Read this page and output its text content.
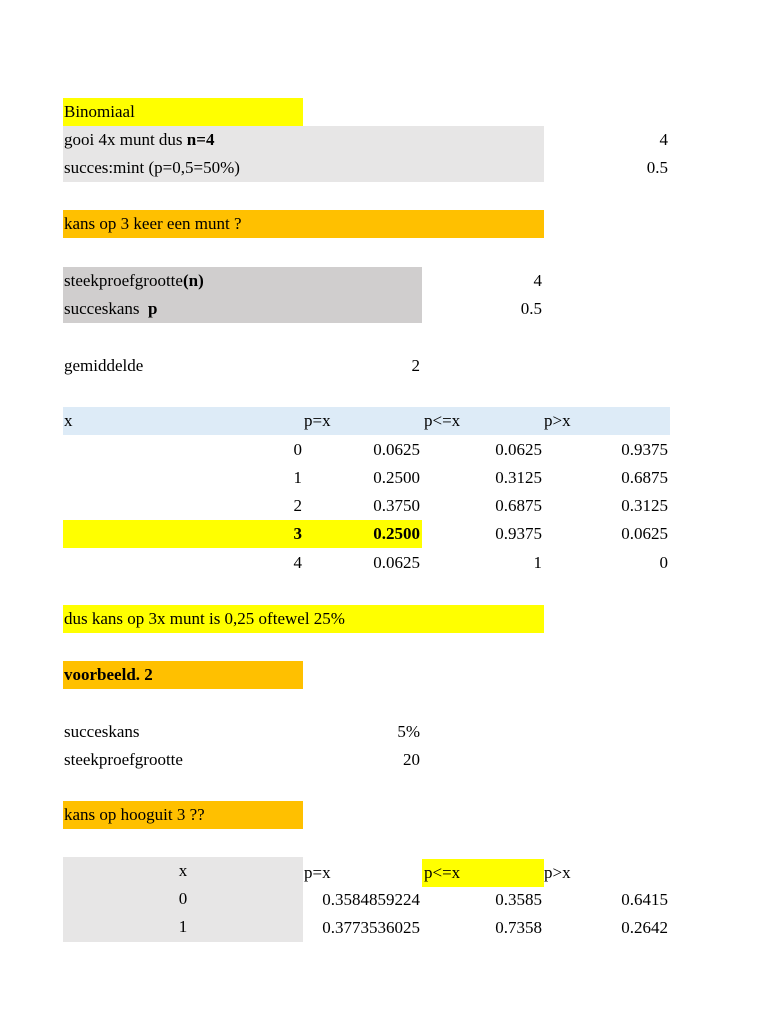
Binomiaal
gooi 4x munt dus n=4	4
succes:mint (p=0,5=50%)	0.5
kans op 3 keer een munt ?
steekproefgrootte(n)	4
succeskans  p	0.5
gemiddelde	2
x	p=x	p<=x	p>x
0	0.0625	0.0625	0.9375
1	0.2500	0.3125	0.6875
2	0.3750	0.6875	0.3125
3	0.2500	0.9375	0.0625
4	0.0625	1	0
dus kans op 3x munt is 0,25 oftewel 25%
voorbeeld. 2
succeskans	5%
steekproefgrootte	20
kans op hooguit 3 ??
x	p=x	p<=x	p>x
0	0.3584859224	0.3585	0.6415
1	0.3773536025	0.7358	0.2642
